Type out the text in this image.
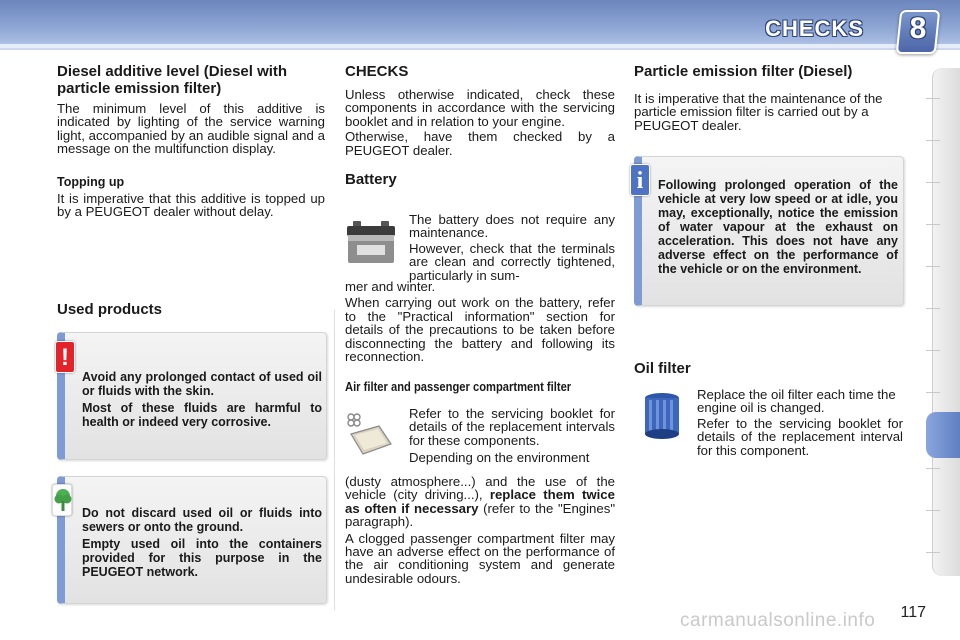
CHECKS	8
Diesel additive level (Diesel with particle emission filter)

The minimum level of this additive is indicated by lighting of the service warning light, accompanied by an audible signal and a message on the multifunction display.

Topping up

It is imperative that this additive is topped up by a PEUGEOT dealer without delay.

Used products
!

Avoid any prolonged contact of used oil or fluids with the skin.

Most of these fluids are harmful to health or indeed very corrosive.

Do not discard used oil or fluids into sewers or onto the ground.

Empty used oil into the containers provided for this purpose in the PEUGEOT network.

CHECKS

Unless otherwise indicated, check these components in accordance with the servicing booklet and in relation to your engine.

Otherwise, have them checked by a PEUGEOT dealer.

Battery

The battery does not require any maintenance.

However, check that the terminals are clean and correctly tightened, particularly in sum-

mer and winter.

When carrying out work on the battery, refer to the "Practical information" section for details of the precautions to be taken before disconnecting the battery and following its reconnection.

Air filter and passenger compartment filter

Refer to the servicing booklet for details of the replacement intervals for these components.

Depending on the environment

(dusty atmosphere...) and the use of the vehicle (city driving...), replace them twice as often if necessary (refer to the "Engines" paragraph).

A clogged passenger compartment filter may have an adverse effect on the performance of the air conditioning system and generate undesirable odours.

Particle emission filter (Diesel)

It is imperative that the maintenance of the particle emission filter is carried out by a PEUGEOT dealer.

i	Following prolonged operation of the vehicle at very low speed or at idle, you may, exceptionally, notice the emission of water vapour at the exhaust on acceleration. This does not have any adverse effect on the performance of the vehicle or on the environment.
Oil filter

Replace the oil filter each time the engine oil is changed.

Refer to the servicing booklet for details of the replacement interval for this component.

117
carmanualsonline.info
